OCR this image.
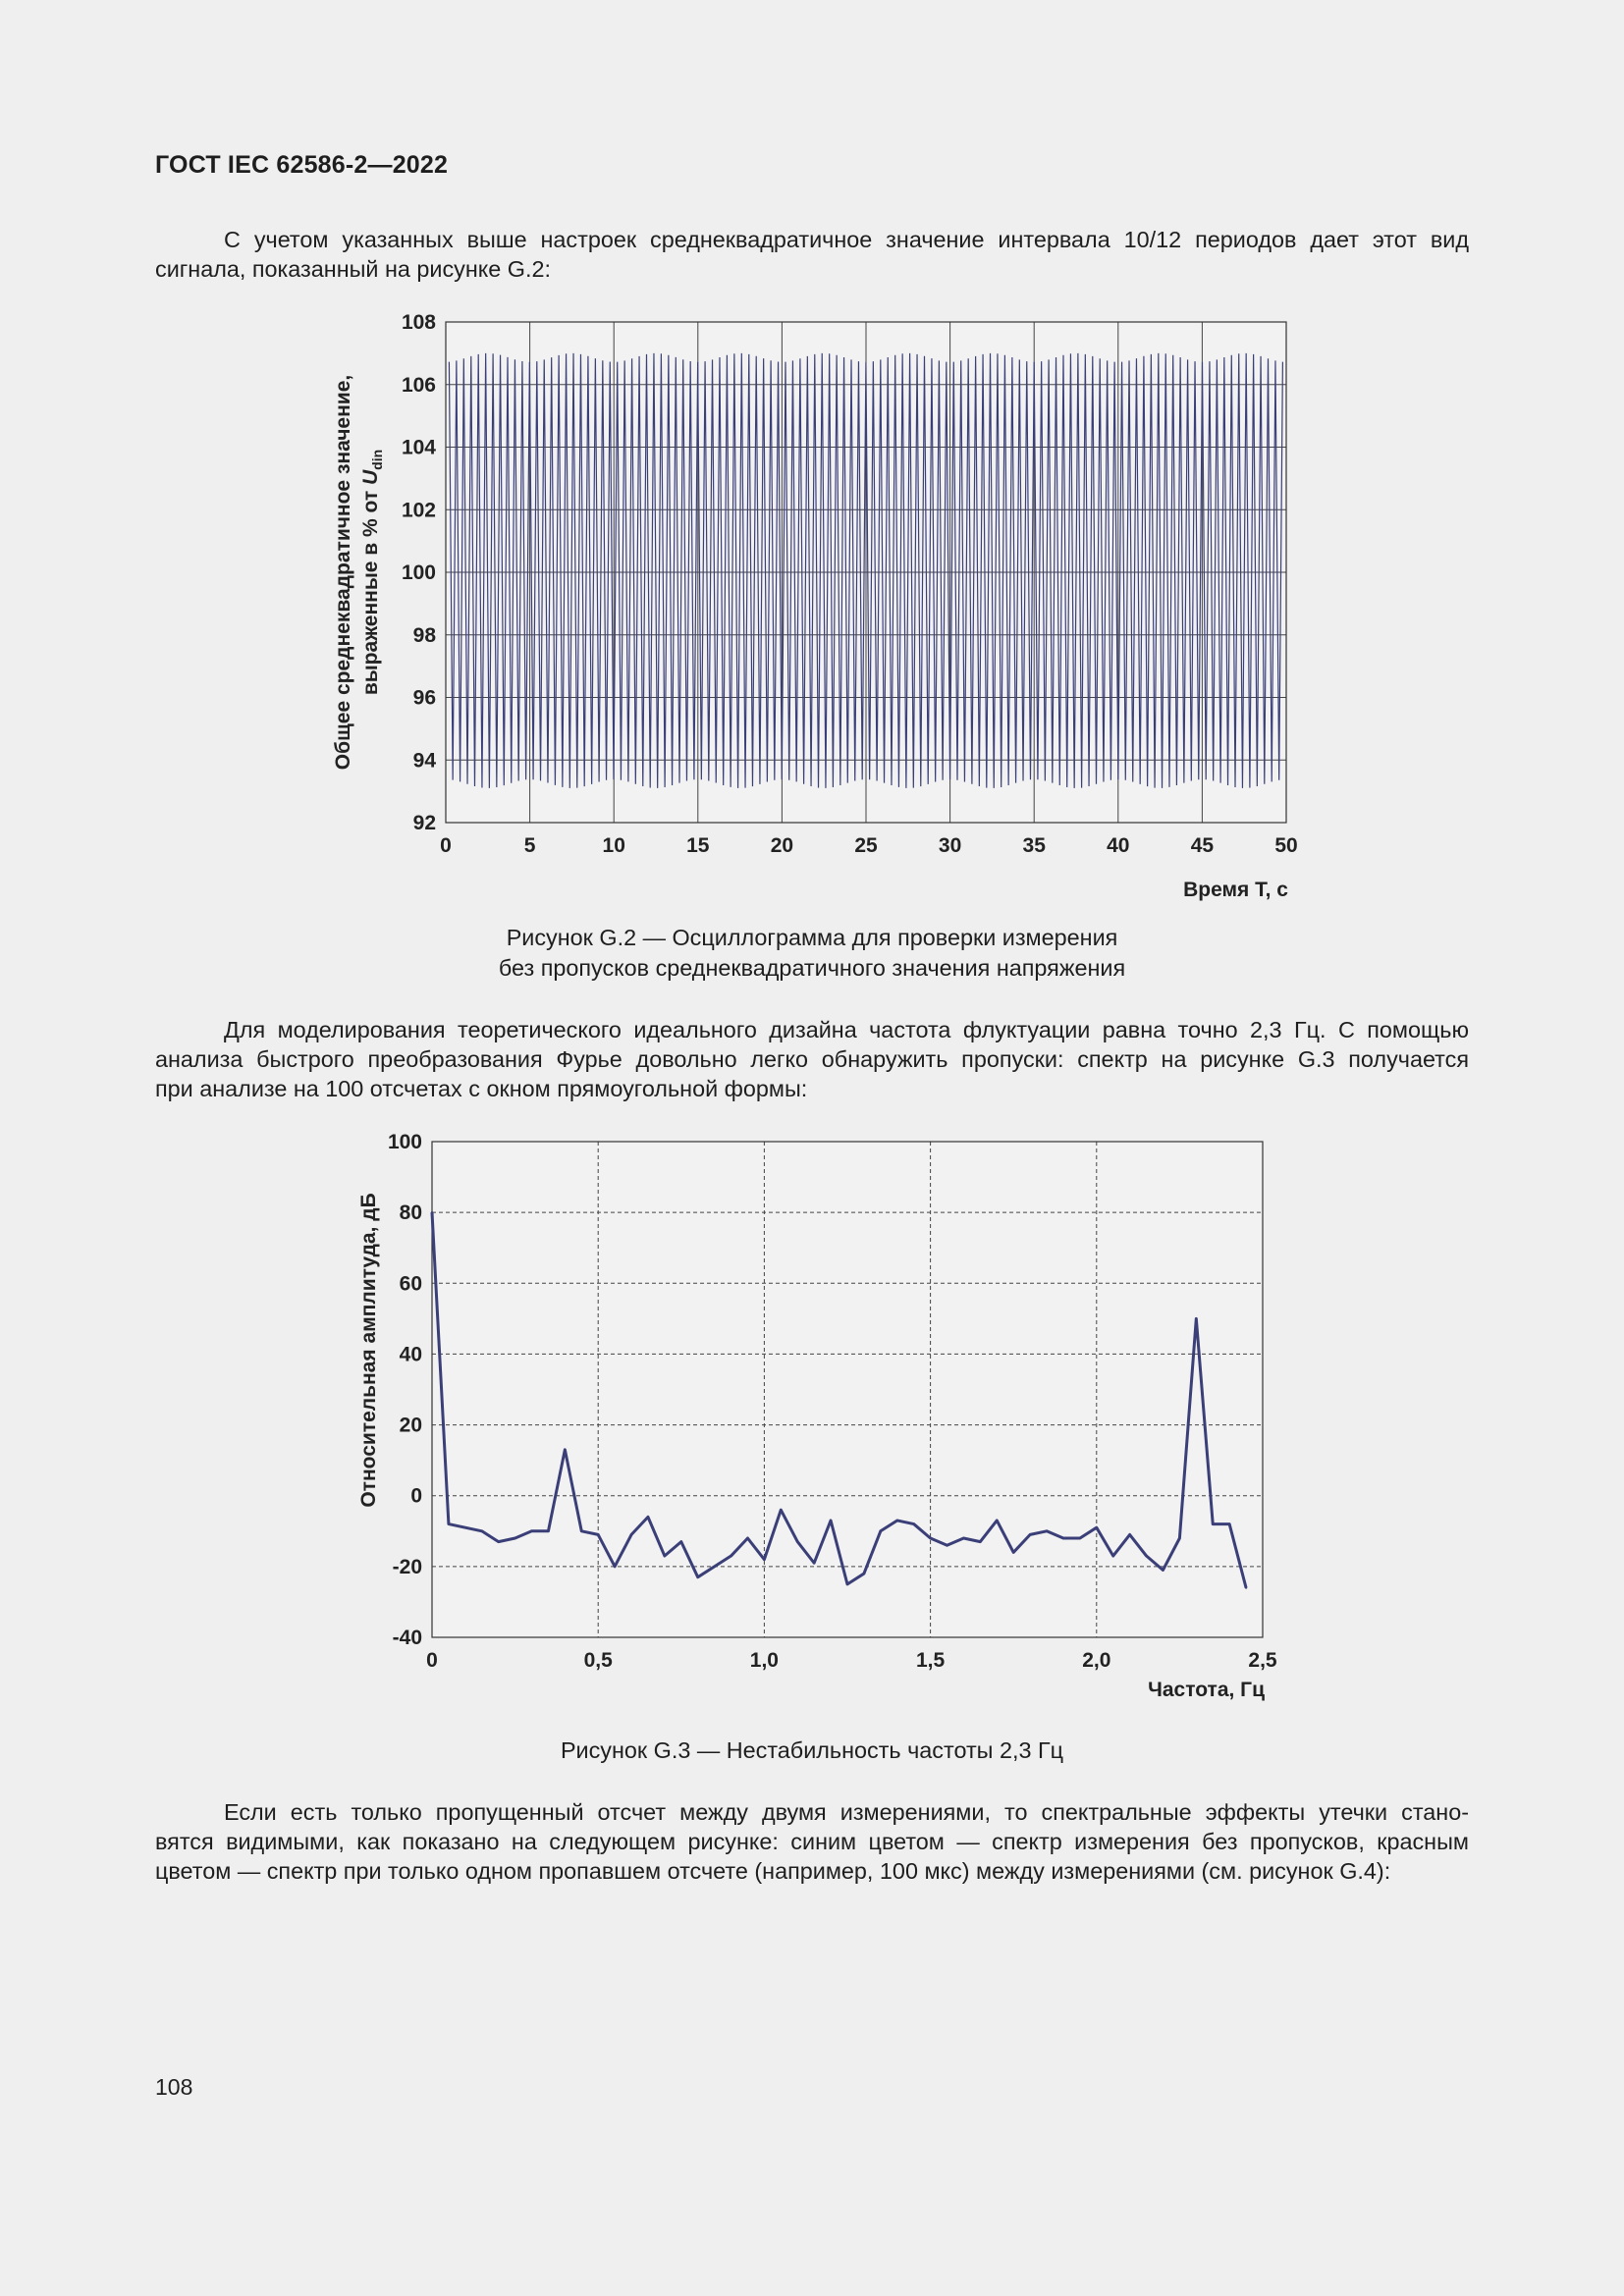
ГОСТ IEC 62586-2—2022

С учетом указанных выше настроек среднеквадратичное значение интервала 10/12 периодов дает этот вид
сигнала, показанный на рисунке G.2:

0	5	10	15	20	25	30	35	40	45	50
92
94
96
98
100
102
104
106
108
Время T, с
Общее среднеквадратичное значение, выраженные в % от $U_{din}$
Рисунок G.2 — Осциллограмма для проверки измерения
без пропусков среднеквадратичного значения напряжения

Для моделирования теоретического идеального дизайна частота флуктуации равна точно 2,3 Гц. С помощью
анализа быстрого преобразования Фурье довольно легко обнаружить пропуски: спектр на рисунке G.3 получается
при анализе на 100 отсчетах с окном прямоугольной формы:

0	0,5	1,0	1,5	2,0	2,5
-40
-20
0
20
40
60
80
100
Частота, Гц
Относительная амплитуда, дБ
Рисунок G.3 — Нестабильность частоты 2,3 Гц

Если есть только пропущенный отсчет между двумя измерениями, то спектральные эффекты утечки стано-
вятся видимыми, как показано на следующем рисунке: синим цветом — спектр измерения без пропусков, красным
цветом — спектр при только одном пропавшем отсчете (например, 100 мкс) между измерениями (см. рисунок G.4):

108
